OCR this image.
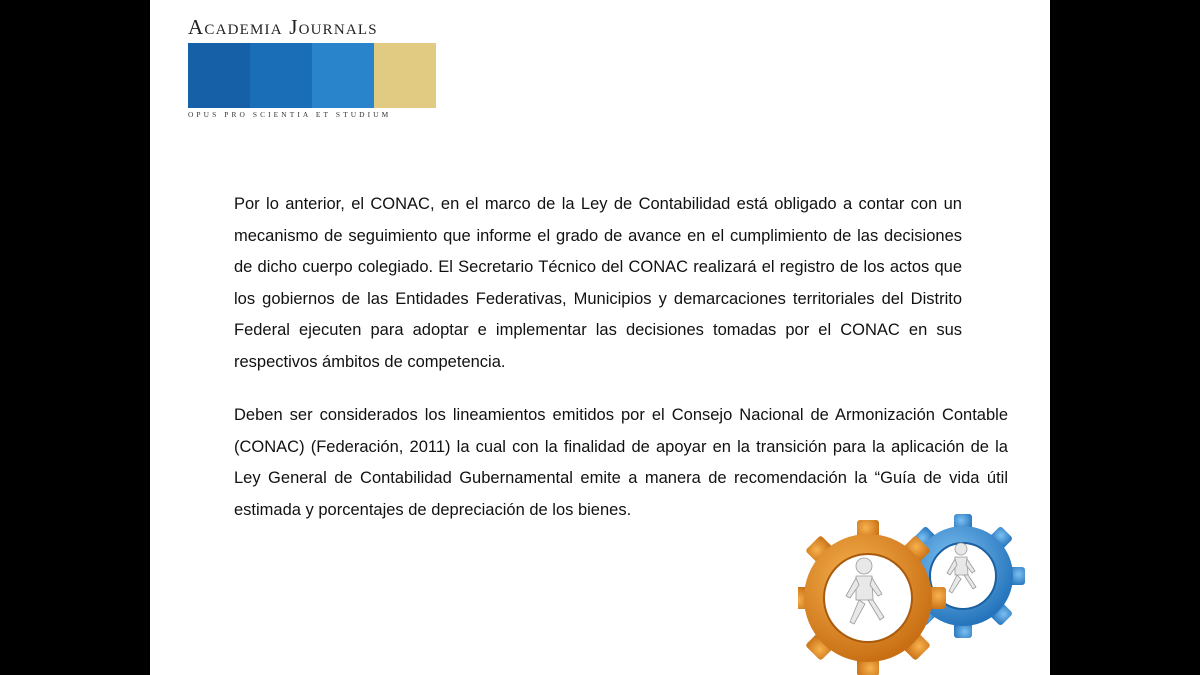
Academia Journals
OPUS PRO SCIENTIA ET STUDIUM

Por lo anterior, el CONAC, en el marco de la Ley de Contabilidad está obligado a contar con un mecanismo de seguimiento que informe el grado de avance en el cumplimiento de las decisiones de dicho cuerpo colegiado. El Secretario Técnico del CONAC realizará el registro de los actos que los gobiernos de las Entidades Federativas, Municipios y demarcaciones territoriales del Distrito Federal ejecuten para adoptar e implementar las decisiones tomadas por el CONAC en sus respectivos ámbitos de competencia.

Deben ser considerados los lineamientos emitidos por el Consejo Nacional de Armonización Contable (CONAC) (Federación, 2011) la cual con la finalidad de apoyar en la transición para la aplicación de la Ley General de Contabilidad Gubernamental emite a manera de recomendación la “Guía de vida útil estimada y porcentajes de depreciación de los bienes.
